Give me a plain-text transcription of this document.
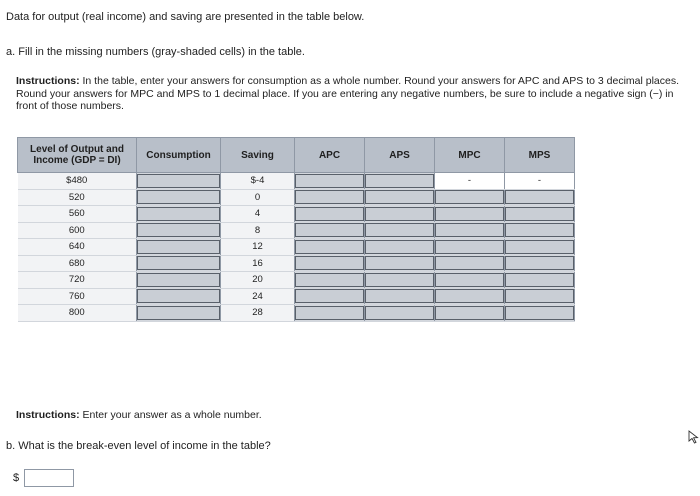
Data for output (real income) and saving are presented in the table below.
a. Fill in the missing numbers (gray-shaded cells) in the table.
Instructions: In the table, enter your answers for consumption as a whole number. Round your answers for APC and APS to 3 decimal places. Round your answers for MPC and MPS to 1 decimal place. If you are entering any negative numbers, be sure to include a negative sign (−) in front of those numbers.
Level of Output and Income (GDP = DI)	Consumption	Saving	APC	APS	MPC	MPS
$480		$-4			-	-
520		0	

560		4	

600		8	

640		12	

680		16	

720		20	

760		24	

800		28	

Instructions: Enter your answer as a whole number.
b. What is the break-even level of income in the table?
$
